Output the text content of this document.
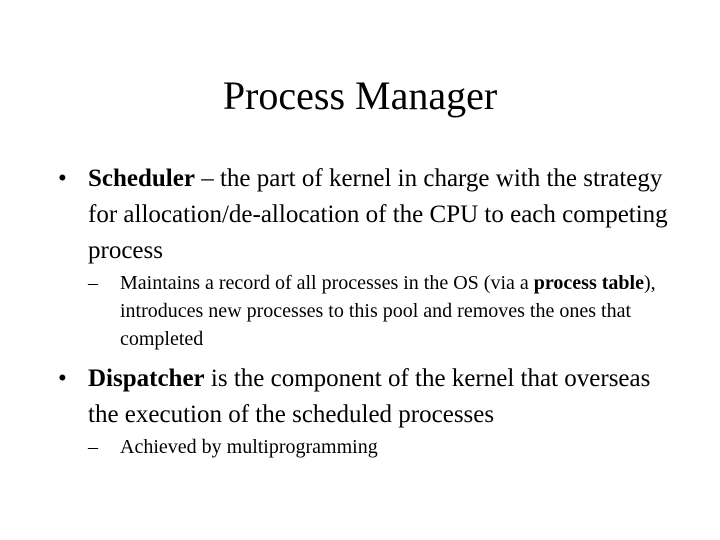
Process Manager
• Scheduler – the part of kernel in charge with the strategy for allocation/de-allocation of the CPU to each competing process
– Maintains a record of all processes in the OS (via a process table), introduces new processes to this pool and removes the ones that completed
• Dispatcher is the component of the kernel that overseas the execution of the scheduled processes
– Achieved by multiprogramming
